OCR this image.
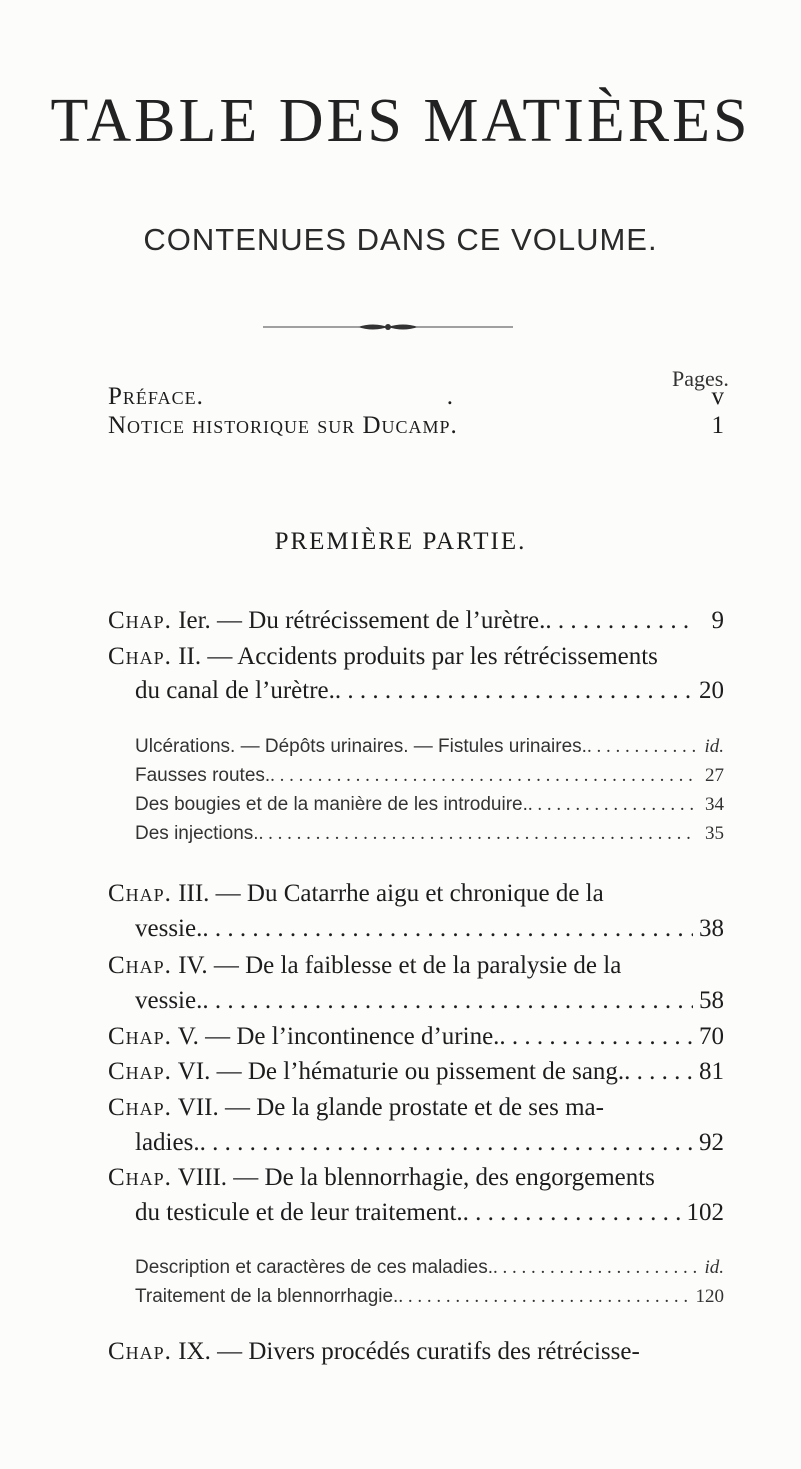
TABLE DES MATIÈRES
CONTENUES DANS CE VOLUME.
Pages.
Préface.	.	v
Notice historique sur Ducamp.	1
PREMIÈRE PARTIE.
Chap. Ier. — Du rétrécissement de l’urètre. . . .	9
Chap. II. — Accidents produits par les rétrécissements
du canal de l’urètre. . . .	20
Ulcérations. — Dépôts urinaires. — Fistules urinaires. . . .	id.
Fausses routes. . . .	27
Des bougies et de la manière de les introduire. . . .	34
Des injections. . . .	35
Chap. III. — Du Catarrhe aigu et chronique de la
vessie. . . .	38
Chap. IV. — De la faiblesse et de la paralysie de la
vessie. . . .	58
Chap. V. — De l’incontinence d’urine. . . .	70
Chap. VI. — De l’hématurie ou pissement de sang. . . .	81
Chap. VII. — De la glande prostate et de ses ma-
ladies. . . .	92
Chap. VIII. — De la blennorrhagie, des engorgements
du testicule et de leur traitement. . . .	102
Description et caractères de ces maladies. . . .	id.
Traitement de la blennorrhagie. . . .	120
Chap. IX. — Divers procédés curatifs des rétrécisse-
